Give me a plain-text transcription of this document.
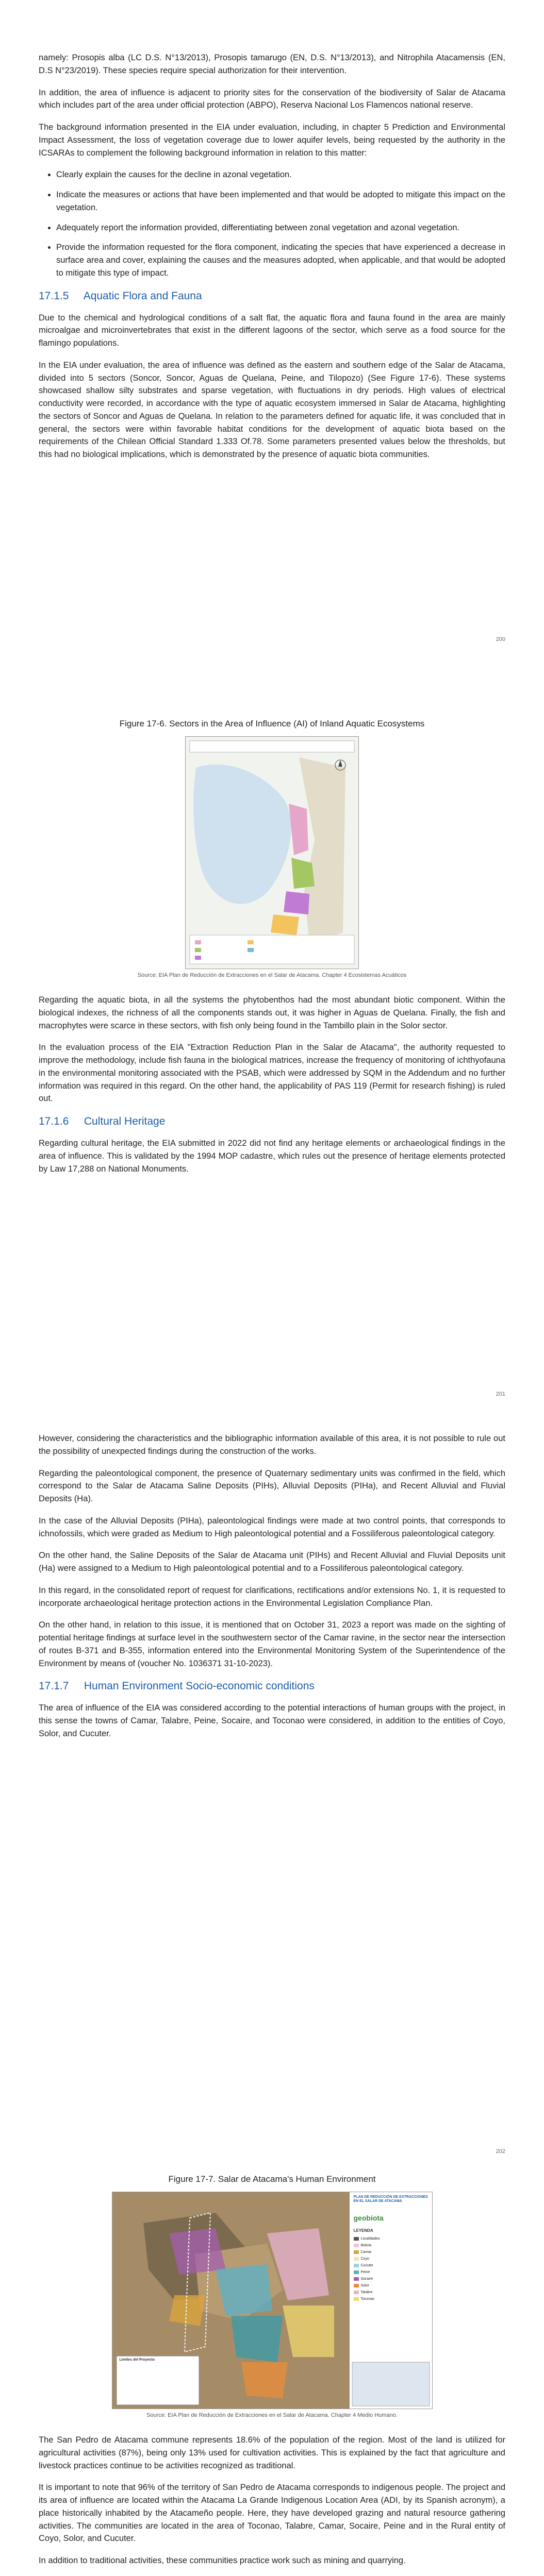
namely: Prosopis alba (LC D.S. N°13/2013), Prosopis tamarugo (EN, D.S. N°13/2013), and Nitrophila Atacamensis (EN, D.S N°23/2019). These species require special authorization for their intervention.

In addition, the area of influence is adjacent to priority sites for the conservation of the biodiversity of Salar de Atacama which includes part of the area under official protection (ABPO), Reserva Nacional Los Flamencos national reserve.

The background information presented in the EIA under evaluation, including, in chapter 5 Prediction and Environmental Impact Assessment, the loss of vegetation coverage due to lower aquifer levels, being requested by the authority in the ICSARAs to complement the following background information in relation to this matter:

• Clearly explain the causes for the decline in azonal vegetation.
• Indicate the measures or actions that have been implemented and that would be adopted to mitigate this impact on the vegetation.
• Adequately report the information provided, differentiating between zonal vegetation and azonal vegetation.
• Provide the information requested for the flora component, indicating the species that have experienced a decrease in surface area and cover, explaining the causes and the measures adopted, when applicable, and that would be adopted to mitigate this type of impact.
17.1.5 Aquatic Flora and Fauna

Due to the chemical and hydrological conditions of a salt flat, the aquatic flora and fauna found in the area are mainly microalgae and microinvertebrates that exist in the different lagoons of the sector, which serve as a food source for the flamingo populations.

In the EIA under evaluation, the area of influence was defined as the eastern and southern edge of the Salar de Atacama, divided into 5 sectors (Soncor, Soncor, Aguas de Quelana, Peine, and Tilopozo) (See Figure 17-6). These systems showcased shallow silty substrates and sparse vegetation, with fluctuations in dry periods. High values of electrical conductivity were recorded, in accordance with the type of aquatic ecosystem immersed in Salar de Atacama, highlighting the sectors of Soncor and Aguas de Quelana. In relation to the parameters defined for aquatic life, it was concluded that in general, the sectors were within favorable habitat conditions for the development of aquatic biota based on the requirements of the Chilean Official Standard 1.333 Of.78. Some parameters presented values below the thresholds, but this had no biological implications, which is demonstrated by the presence of aquatic biota communities.

200
Figure 17-6. Sectors in the Area of Influence (AI) of Inland Aquatic Ecosystems
Source: EIA Plan de Reducción de Extracciones en el Salar de Atacama. Chapter 4 Ecosistemas Acuáticos

Regarding the aquatic biota, in all the systems the phytobenthos had the most abundant biotic component. Within the biological indexes, the richness of all the components stands out, it was higher in Aguas de Quelana. Finally, the fish and macrophytes were scarce in these sectors, with fish only being found in the Tambillo plain in the Solor sector.

In the evaluation process of the EIA "Extraction Reduction Plan in the Salar de Atacama", the authority requested to improve the methodology, include fish fauna in the biological matrices, increase the frequency of monitoring of ichthyofauna in the environmental monitoring associated with the PSAB, which were addressed by SQM in the Addendum and no further information was required in this regard. On the other hand, the applicability of PAS 119 (Permit for research fishing) is ruled out.

17.1.6 Cultural Heritage

Regarding cultural heritage, the EIA submitted in 2022 did not find any heritage elements or archaeological findings in the area of influence. This is validated by the 1994 MOP cadastre, which rules out the presence of heritage elements protected by Law 17,288 on National Monuments.

201

However, considering the characteristics and the bibliographic information available of this area, it is not possible to rule out the possibility of unexpected findings during the construction of the works.

Regarding the paleontological component, the presence of Quaternary sedimentary units was confirmed in the field, which correspond to the Salar de Atacama Saline Deposits (PIHs), Alluvial Deposits (PIHa), and Recent Alluvial and Fluvial Deposits (Ha).

In the case of the Alluvial Deposits (PIHa), paleontological findings were made at two control points, that corresponds to ichnofossils, which were graded as Medium to High paleontological potential and a Fossiliferous paleontological category.

On the other hand, the Saline Deposits of the Salar de Atacama unit (PIHs) and Recent Alluvial and Fluvial Deposits unit (Ha) were assigned to a Medium to High paleontological potential and to a Fossiliferous paleontological category.

In this regard, in the consolidated report of request for clarifications, rectifications and/or extensions No. 1, it is requested to incorporate archaeological heritage protection actions in the Environmental Legislation Compliance Plan.

On the other hand, in relation to this issue, it is mentioned that on October 31, 2023 a report was made on the sighting of potential heritage findings at surface level in the southwestern sector of the Camar ravine, in the sector near the intersection of routes B-371 and B-355, information entered into the Environmental Monitoring System of the Superintendence of the Environment by means of (voucher No. 1036371 31-10-2023).

17.1.7 Human Environment Socio-economic conditions

The area of influence of the EIA was considered according to the potential interactions of human groups with the project, in this sense the towns of Camar, Talabre, Peine, Socaire, and Toconao were considered, in addition to the entities of Coyo, Solor, and Cucuter.

202
Figure 17-7. Salar de Atacama's Human Environment
PLAN DE REDUCCIÓN DE EXTRACCIONES EN EL SALAR DE ATACAMA
geobiota
LEYENDA
Localidades
Bolivia
Camar
Coyo
Cucuter
Peine
Socaire
Solor
Talabre
Toconao
Limites del Proyecto
Source: EIA Plan de Reducción de Extracciones en el Salar de Atacama. Chapter 4 Medio Humano.

The San Pedro de Atacama commune represents 18.6% of the population of the region. Most of the land is utilized for agricultural activities (87%), being only 13% used for cultivation activities. This is explained by the fact that agriculture and livestock practices continue to be activities recognized as traditional.

It is important to note that 96% of the territory of San Pedro de Atacama corresponds to indigenous people. The project and its area of influence are located within the Atacama La Grande Indigenous Location Area (ADI, by its Spanish acronym), a place historically inhabited by the Atacameño people. Here, they have developed grazing and natural resource gathering activities. The communities are located in the area of Toconao, Talabre, Camar, Socaire, Peine and in the Rural entity of Coyo, Solor, and Cucuter.

In addition to traditional activities, these communities practice work such as mining and quarrying.
